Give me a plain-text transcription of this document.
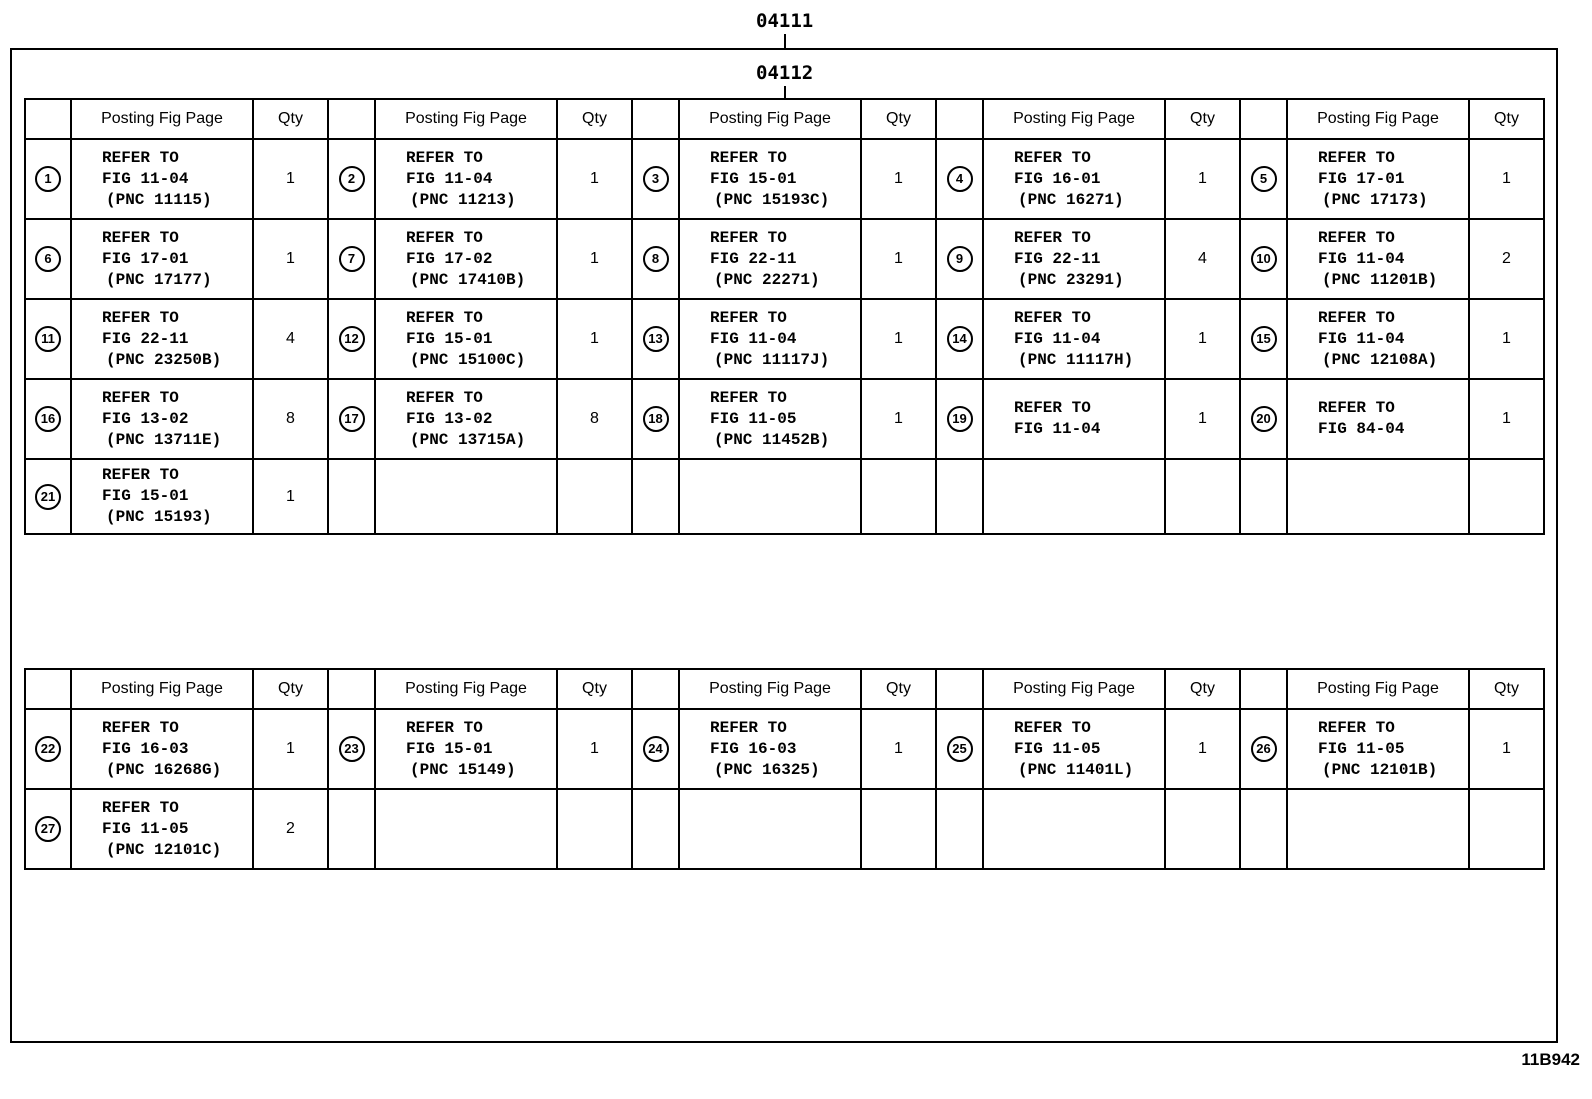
04111
04112
	Posting Fig Page	Qty		Posting Fig Page	Qty		Posting Fig Page	Qty		Posting Fig Page	Qty		Posting Fig Page	Qty
1	REFER TO
FIG 11-04
(PNC 11115)	1	2	REFER TO
FIG 11-04
(PNC 11213)	1	3	REFER TO
FIG 15-01
(PNC 15193C)	1	4	REFER TO
FIG 16-01
(PNC 16271)	1	5	REFER TO
FIG 17-01
(PNC 17173)	1
6	REFER TO
FIG 17-01
(PNC 17177)	1	7	REFER TO
FIG 17-02
(PNC 17410B)	1	8	REFER TO
FIG 22-11
(PNC 22271)	1	9	REFER TO
FIG 22-11
(PNC 23291)	4	10	REFER TO
FIG 11-04
(PNC 11201B)	2
11	REFER TO
FIG 22-11
(PNC 23250B)	4	12	REFER TO
FIG 15-01
(PNC 15100C)	1	13	REFER TO
FIG 11-04
(PNC 11117J)	1	14	REFER TO
FIG 11-04
(PNC 11117H)	1	15	REFER TO
FIG 11-04
(PNC 12108A)	1
16	REFER TO
FIG 13-02
(PNC 13711E)	8	17	REFER TO
FIG 13-02
(PNC 13715A)	8	18	REFER TO
FIG 11-05
(PNC 11452B)	1	19	REFER TO
FIG 11-04	1	20	REFER TO
FIG 84-04	1
21	REFER TO
FIG 15-01
(PNC 15193)	1												
	Posting Fig Page	Qty		Posting Fig Page	Qty		Posting Fig Page	Qty		Posting Fig Page	Qty		Posting Fig Page	Qty
22	REFER TO
FIG 16-03
(PNC 16268G)	1	23	REFER TO
FIG 15-01
(PNC 15149)	1	24	REFER TO
FIG 16-03
(PNC 16325)	1	25	REFER TO
FIG 11-05
(PNC 11401L)	1	26	REFER TO
FIG 11-05
(PNC 12101B)	1
27	REFER TO
FIG 11-05
(PNC 12101C)	2												
11B942
